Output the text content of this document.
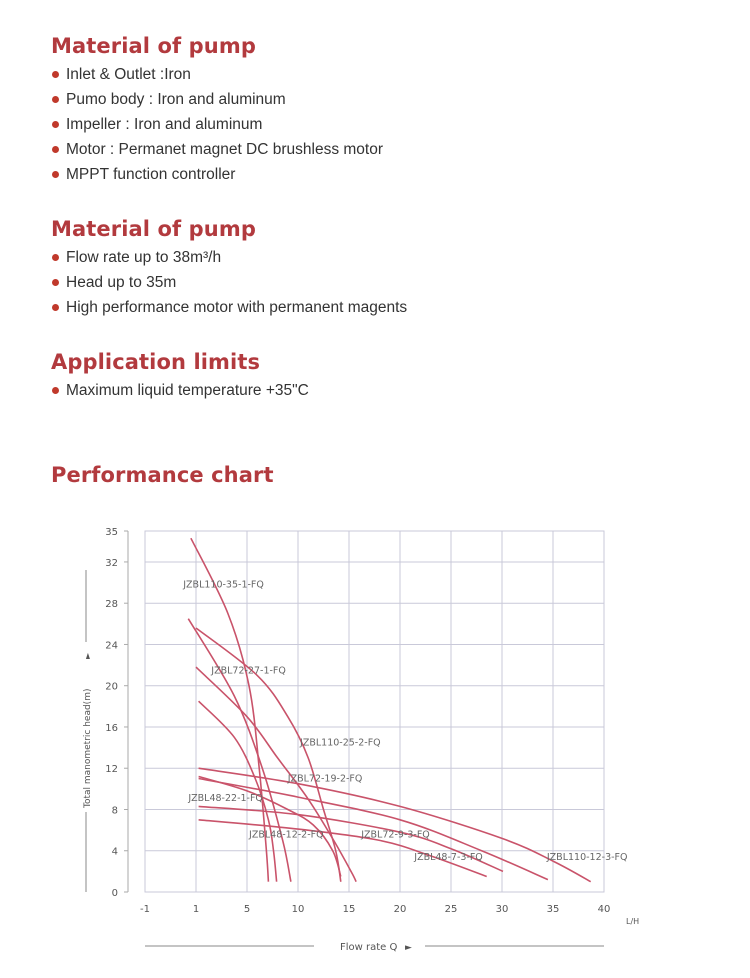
Material of pump
Inlet & Outlet :Iron
Pumo body : Iron and aluminum
Impeller : Iron and aluminum
Motor : Permanet magnet DC brushless motor
MPPT function controller
Material of pump
Flow rate up to 38m³/h
Head up to 35m
High performance motor with permanent magents
Application limits
Maximum liquid temperature +35"C
Performance chart
-1	1	5	10	15	20	25	30	35	40
0
4
8
12
16
20
24
28
32
35
JZBL110-35-1-FQ
JZBL72-27-1-FQ
JZBL110-25-2-FQ
JZBL72-19-2-FQ
JZBL48-22-1-FQ
JZBL48-12-2-FQ	JZBL72-9-3-FQ
JZBL48-7-3-FQ	JZBL110-12-3-FQ
L/H
Flow rate Q ►
►
Total manometric head(m)
